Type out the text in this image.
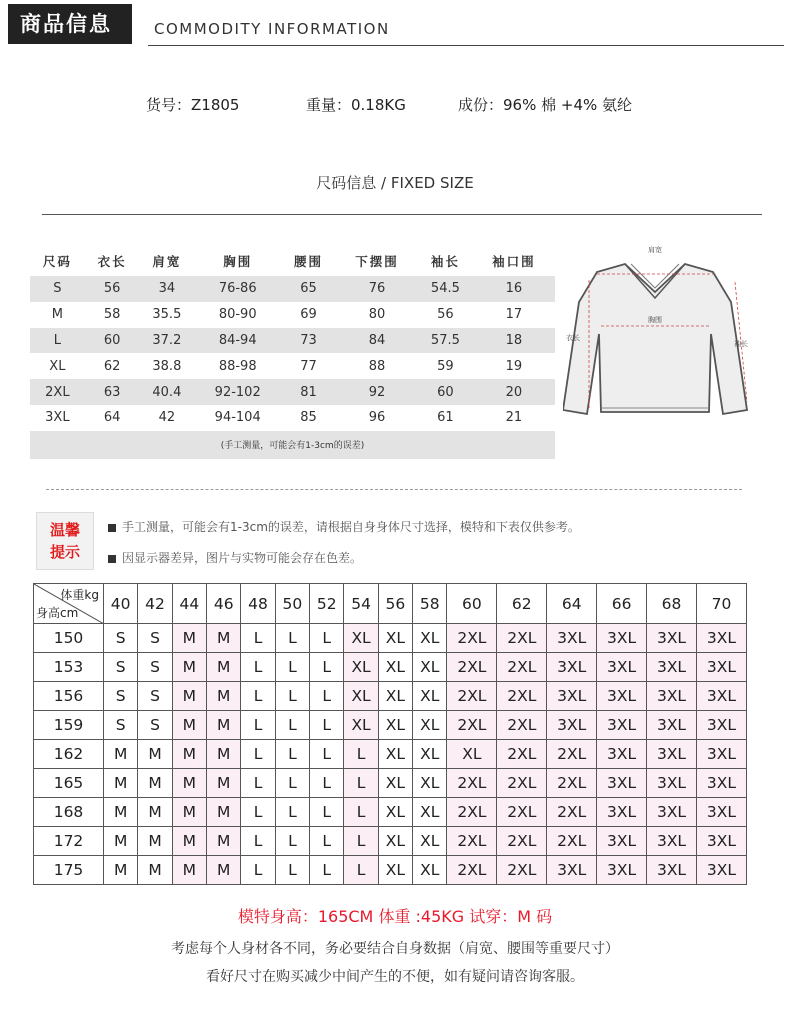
商品信息	COMMODITY INFORMATION
货号：Z1805	重量：0.18KG	成份：96% 棉 +4% 氨纶
尺码信息 / FIXED SIZE
尺码	衣长	肩宽	胸围	腰围	下摆围	袖长	袖口围
S	56	34	76-86	65	76	54.5	16
M	58	35.5	80-90	69	80	56	17
L	60	37.2	84-94	73	84	57.5	18
XL	62	38.8	88-98	77	88	59	19
2XL	63	40.4	92-102	81	92	60	20
3XL	64	42	94-104	85	96	61	21
(手工测量，可能会有1-3cm的误差)							
肩宽
胸围
衣长
袖长
温馨
提示
手工测量，可能会有1-3cm的误差，请根据自身身体尺寸选择，模特和下表仅供参考。
因显示器差异，图片与实物可能会存在色差。
体重kg
身高cm	40	42	44	46	48	50	52	54	56	58	60	62	64	66	68	70
150	S	S	M	M	L	L	L	XL	XL	XL	2XL	2XL	3XL	3XL	3XL	3XL
153	S	S	M	M	L	L	L	XL	XL	XL	2XL	2XL	3XL	3XL	3XL	3XL
156	S	S	M	M	L	L	L	XL	XL	XL	2XL	2XL	3XL	3XL	3XL	3XL
159	S	S	M	M	L	L	L	XL	XL	XL	2XL	2XL	3XL	3XL	3XL	3XL
162	M	M	M	M	L	L	L	L	XL	XL	XL	2XL	2XL	3XL	3XL	3XL
165	M	M	M	M	L	L	L	L	XL	XL	2XL	2XL	2XL	3XL	3XL	3XL
168	M	M	M	M	L	L	L	L	XL	XL	2XL	2XL	2XL	3XL	3XL	3XL
172	M	M	M	M	L	L	L	L	XL	XL	2XL	2XL	2XL	3XL	3XL	3XL
175	M	M	M	M	L	L	L	L	XL	XL	2XL	2XL	3XL	3XL	3XL	3XL
模特身高：165CM 体重 :45KG 试穿：M 码
考虑每个人身材各不同，务必要结合自身数据（肩宽、腰围等重要尺寸）
看好尺寸在购买减少中间产生的不便，如有疑问请咨询客服。
